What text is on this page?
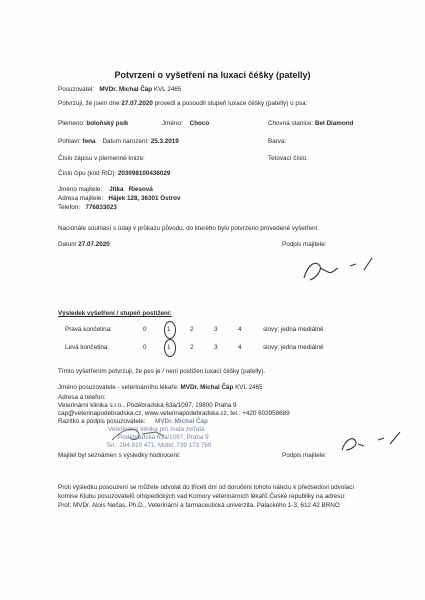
Potvrzení o vyšetření na luxaci čéšky (patelly)
Posuzovatel: MVDr. Michal Čáp KVL 2465
Potvrzuji, že jsem dne 27.07.2020 provedl a posoudil stupeň luxace čéšky (patelly) u psa:
Plemeno: boloňský psík	Jméno: Choco	Chovná stanice: Bel Diamond
Pohlaví: fena Datum narození: 25.3.2019	Barva:
Číslo zápisu v plemenné knize:	Tetovací číslo:
Číslo čipu (kód RID): 203098100436029
Jméno majitele: Jitka Riesová
Adresa majitele: Hájek 128, 36301 Ostrov
Telefon: 776833023
Nacionále souhlasí s údaji v průkazu původu, do kterého bylo potvrzeno provedené vyšetření.
Datum 27.07.2020	Podpis majitele:
Výsledek vyšetření / stupeň postižení:
Pravá končetina:	0	1	2	3	4	slovy: jedna mediálně
Levá končetina:	0	1	2	3	4	slovy: jedna mediálně
Tímto vyšetřením potvrzuji, že pes je / není postižen luxací čéšky (patelly).
Jméno posuzovatele - veterinárního lékaře: MVDr. Michal Čáp KVL 2465
Adresa a telefon:
Veterinární klinika s.r.o., Podébradská 63a/1097, 19800 Praha 9
cap@veterinapodebradska.cz, www.veterinapodebradska.cz, tel.: +420 603958689
Razítko a podpis posuzovatele: MVDr. Michal Čáp
Veterinární klinika pro malá zvířata
Poděbradská 63a/1097, Praha 9
Tel.: 284 810 471, Mobil: 739 173 769
Majitel byl seznámen s výsledky hodnocení:	Podpis majitele:
Proti výsledku posouzení se můžete odvolat do třiceti dní od doručení tohoto nálezu k předsedovi odvolací
komise Klubu posuzovatelů ortopedických vad Komory veterinárních lékařů České republiky na adresu:
Prof. MVDr. Alois Nečas, Ph.D., Veterinární a farmaceutická univerzita, Palackého 1-3, 612 42 BRNO
